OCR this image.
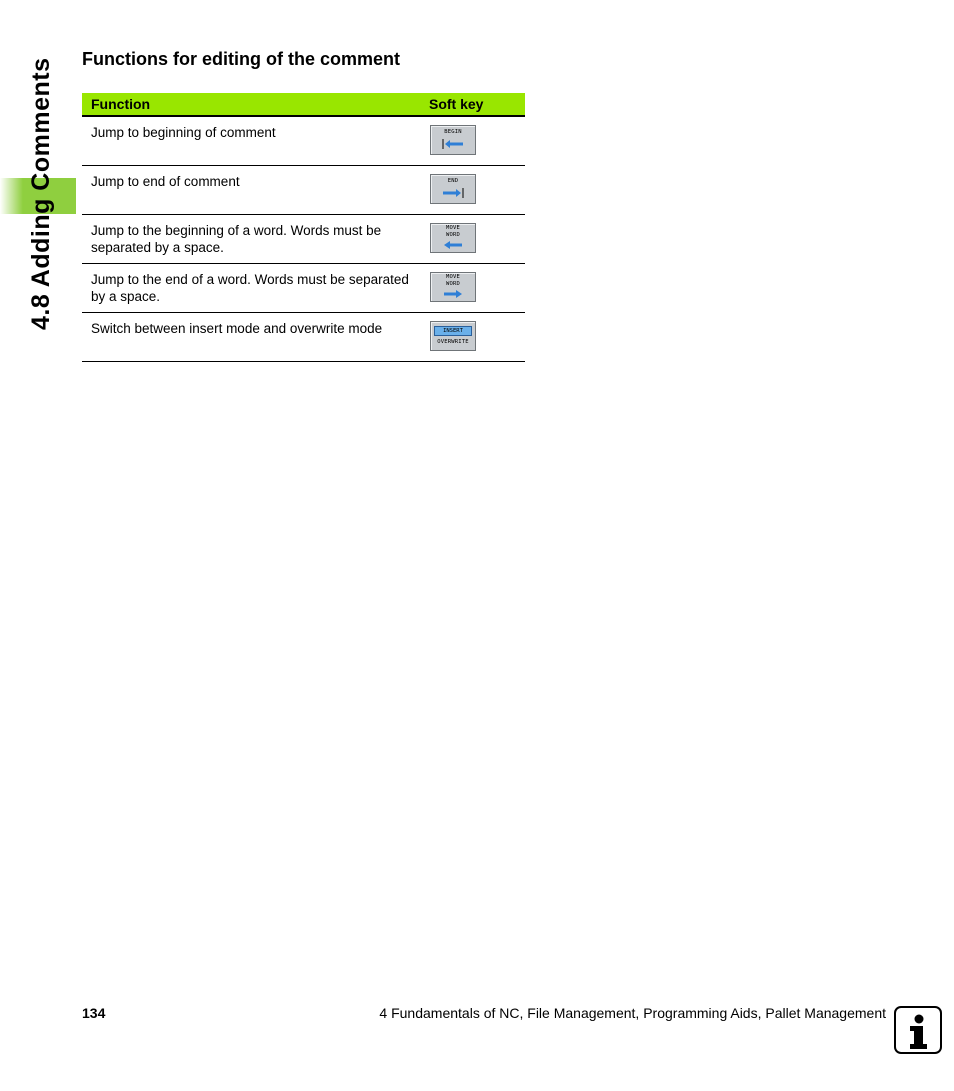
4.8 Adding Comments Functions for editing of the comment
Function	Soft key
Jump to beginning of comment	BEGIN

Jump to end of comment	END

Jump to the beginning of a word. Words must be separated by a space.	MOVE
WORD

Jump to the end of a word. Words must be separated by a space.	MOVE
WORD

Switch between insert mode and overwrite mode	INSERT
OVERWRITE
134	4 Fundamentals of NC, File Management, Programming Aids, Pallet Management
